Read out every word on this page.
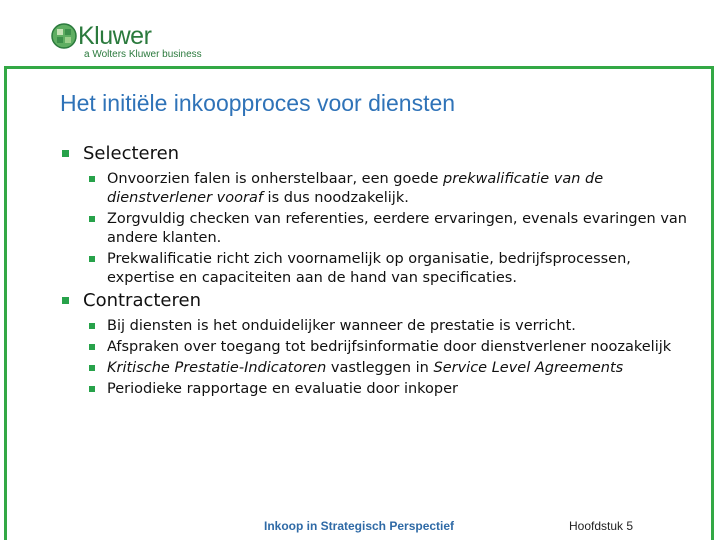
Kluwer
a Wolters Kluwer business
Het initiële inkoopproces voor diensten
Selecteren
Onvoorzien falen is onherstelbaar, een goede prekwalificatie van de dienstverlener vooraf is dus noodzakelijk.
Zorgvuldig checken van referenties, eerdere ervaringen, evenals evaringen van andere klanten.
Prekwalificatie richt zich voornamelijk op organisatie, bedrijfsprocessen, expertise en capaciteiten aan de hand van specificaties.
Contracteren
Bij diensten is het onduidelijker wanneer de prestatie is verricht.
Afspraken over toegang tot bedrijfsinformatie door dienstverlener noozakelijk
Kritische Prestatie-Indicatoren vastleggen in Service Level Agreements
Periodieke rapportage en evaluatie door inkoper
Inkoop in Strategisch Perspectief	Hoofdstuk 5
